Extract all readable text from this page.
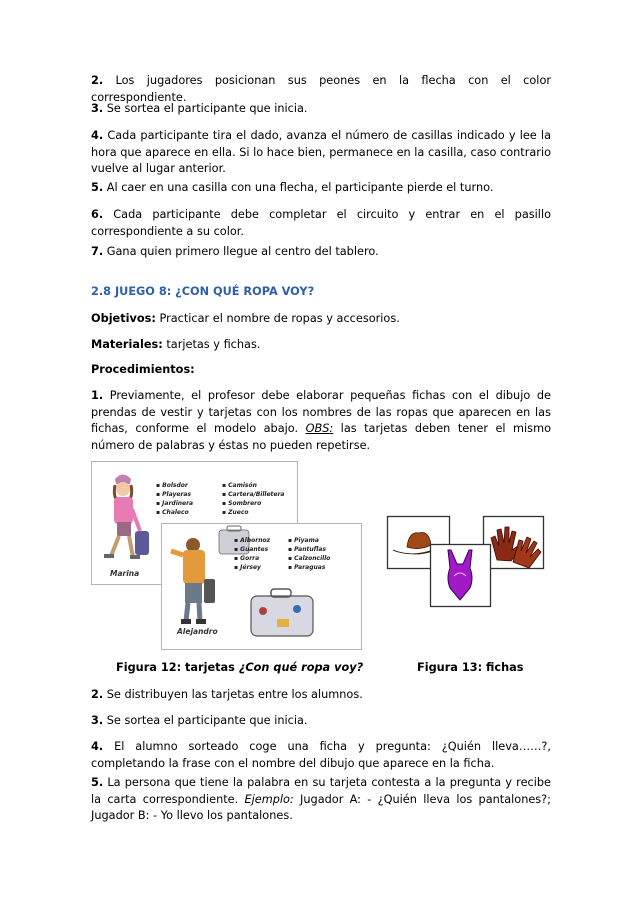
2. Los jugadores posicionan sus peones en la flecha con el color correspondiente.

3. Se sortea el participante que inicia.

4. Cada participante tira el dado, avanza el número de casillas indicado y lee la hora que aparece en ella. Si lo hace bien, permanece en la casilla, caso contrario vuelve al lugar anterior.

5. Al caer en una casilla con una flecha, el participante pierde el turno.

6. Cada participante debe completar el circuito y entrar en el pasillo correspondiente a su color.

7. Gana quien primero llegue al centro del tablero.

2.8 JUEGO 8: ¿CON QUÉ ROPA VOY?

Objetivos: Practicar el nombre de ropas y accesorios.

Materiales: tarjetas y fichas.

Procedimientos:

1. Previamente, el profesor debe elaborar pequeñas fichas con el dibujo de prendas de vestir y tarjetas con los nombres de las ropas que aparecen en las fichas, conforme el modelo abajo. OBS: las tarjetas deben tener el mismo número de palabras y éstas no pueden repetirse.

Marina
▪ Bolsdor
▪ Playeras
▪ Jardinera
▪ Chaleco
▪ Camisón
▪ Cartera/Billetera
▪ Sombrero
▪ Zueco
Alejandro
▪ Albornoz
▪ Guantes
▪ Gorra
▪ Jérsey
▪ Piyama
▪ Pantuflas
▪ Calzoncillo
▪ Paraguas
Figura 12: tarjetas ¿Con qué ropa voy?	Figura 13: fichas

2. Se distribuyen las tarjetas entre los alumnos.

3. Se sortea el participante que inicia.

4. El alumno sorteado coge una ficha y pregunta: ¿Quién lleva……?, completando la frase con el nombre del dibujo que aparece en la ficha.

5. La persona que tiene la palabra en su tarjeta contesta a la pregunta y recibe la carta correspondiente. Ejemplo: Jugador A: - ¿Quién lleva los pantalones?; Jugador B: - Yo llevo los pantalones.
